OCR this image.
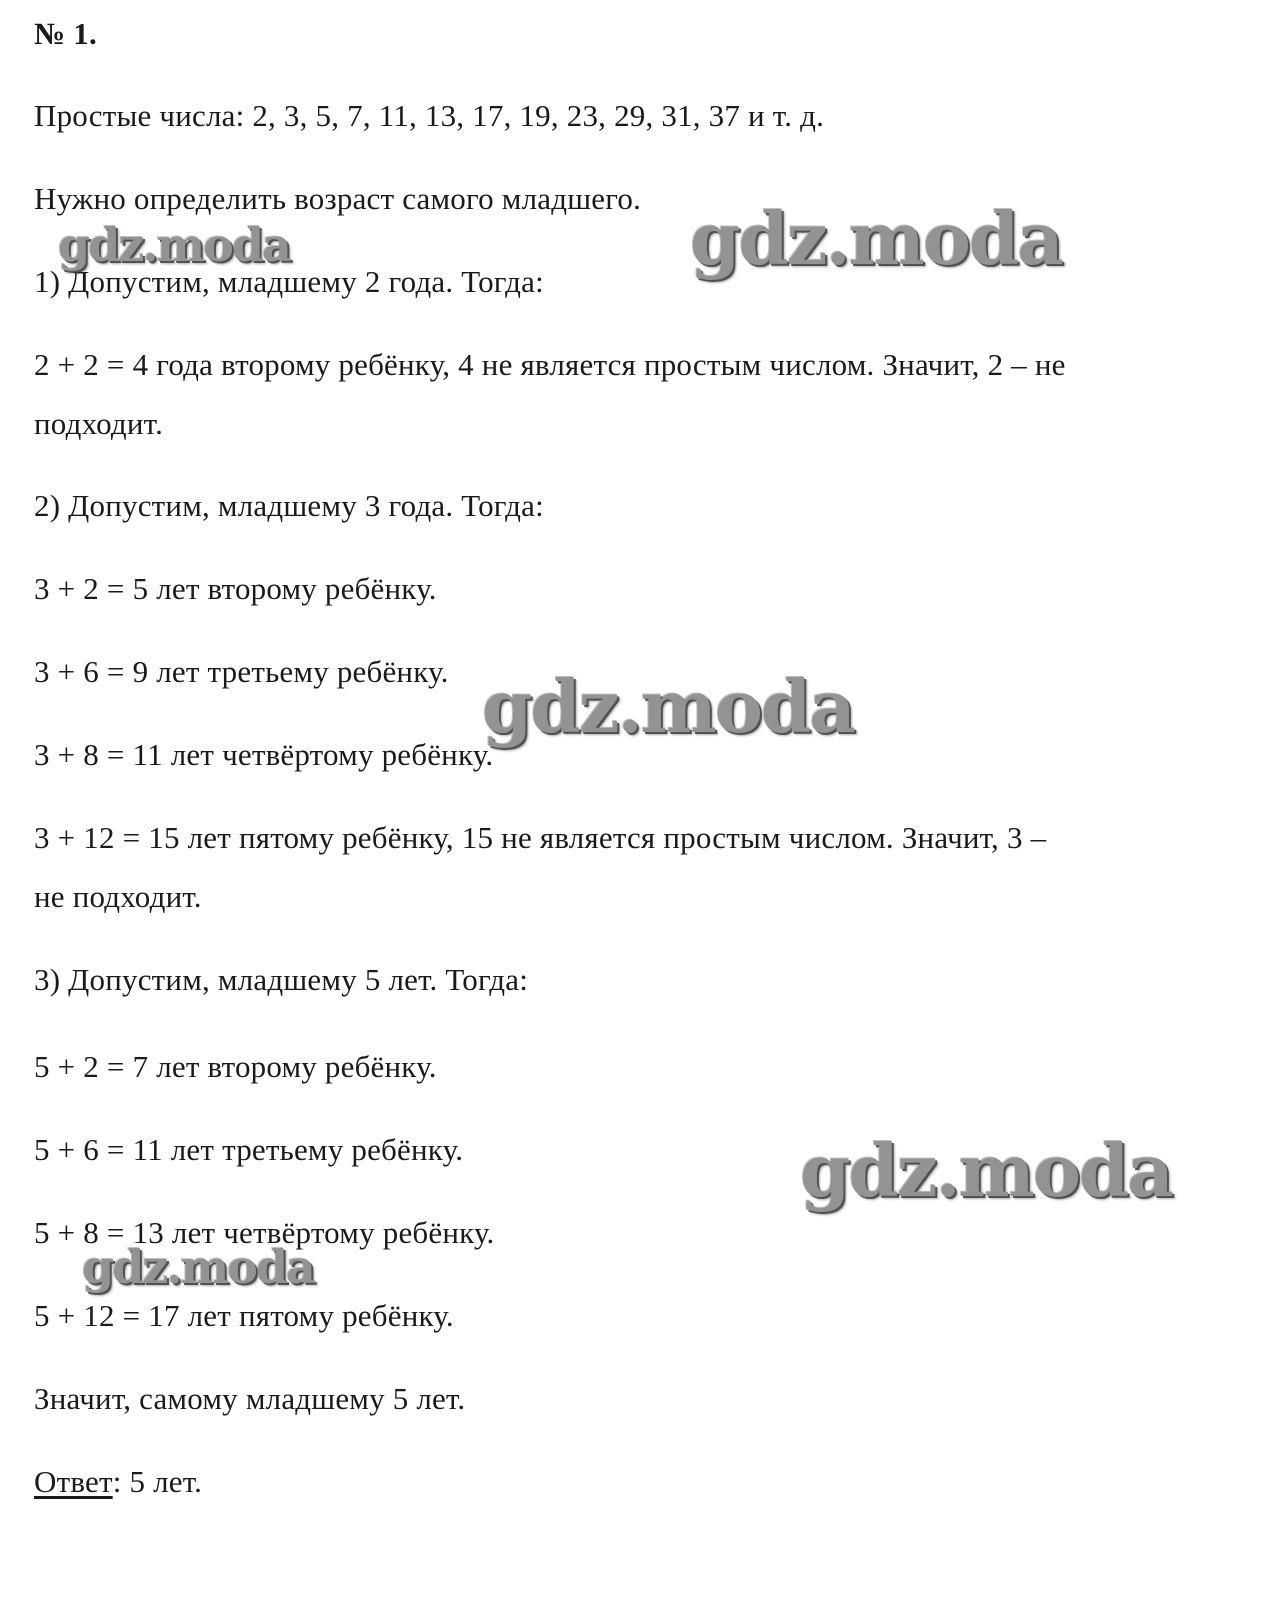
№ 1.
Простые числа: 2, 3, 5, 7, 11, 13, 17, 19, 23, 29, 31, 37 и т. д.
Нужно определить возраст самого младшего.
1) Допустим, младшему 2 года. Тогда:
2 + 2 = 4 года второму ребёнку, 4 не является простым числом. Значит, 2 – не
подходит.
2) Допустим, младшему 3 года. Тогда:
3 + 2 = 5 лет второму ребёнку.
3 + 6 = 9 лет третьему ребёнку.
3 + 8 = 11 лет четвёртому ребёнку.
3 + 12 = 15 лет пятому ребёнку, 15 не является простым числом. Значит, 3 –
не подходит.
3) Допустим, младшему 5 лет. Тогда:
5 + 2 = 7 лет второму ребёнку.
5 + 6 = 11 лет третьему ребёнку.
5 + 8 = 13 лет четвёртому ребёнку.
5 + 12 = 17 лет пятому ребёнку.
Значит, самому младшему 5 лет.
Ответ: 5 лет.
gdz.moda	gdz.moda
gdz.moda
gdz.moda
gdz.moda
